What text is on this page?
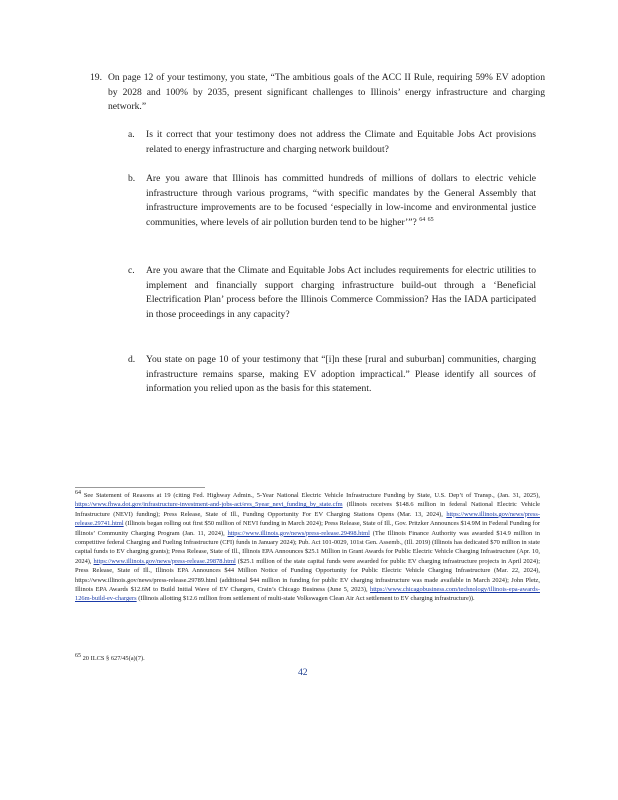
19. On page 12 of your testimony, you state, “The ambitious goals of the ACC II Rule, requiring 59% EV adoption by 2028 and 100% by 2035, present significant challenges to Illinois’ energy infrastructure and charging network.”
a.	Is it correct that your testimony does not address the Climate and Equitable Jobs Act provisions related to energy infrastructure and charging network buildout?
b.	Are you aware that Illinois has committed hundreds of millions of dollars to electric vehicle infrastructure through various programs, “with specific mandates by the General Assembly that infrastructure improvements are to be focused ‘especially in low-income and environmental justice communities, where levels of air pollution burden tend to be higher’”? $^{64}$ $^{65}$
c.	Are you aware that the Climate and Equitable Jobs Act includes requirements for electric utilities to implement and financially support charging infrastructure build-out through a ‘Beneficial Electrification Plan’ process before the Illinois Commerce Commission? Has the IADA participated in those proceedings in any capacity?
d.	You state on page 10 of your testimony that “[i]n these [rural and suburban] communities, charging infrastructure remains sparse, making EV adoption impractical.” Please identify all sources of information you relied upon as the basis for this statement.
$^{64}$ See Statement of Reasons at 19 (citing Fed. Highway Admin., 5-Year National Electric Vehicle Infrastructure Funding by State, U.S. Dep’t of Transp., (Jan. 31, 2025), https://www.fhwa.dot.gov/infrastructure-investment-and-jobs-act/evs_5year_nevi_funding_by_state.cfm (Illinois receives $148.6 million in federal National Electric Vehicle Infrastructure (NEVI) funding); Press Release, State of Ill., Funding Opportunity For EV Charging Stations Opens (Mar. 13, 2024), https://www.illinois.gov/news/press-release.29741.html (Illinois began rolling out first $50 million of NEVI funding in March 2024); Press Release, State of Ill., Gov. Pritzker Announces $14.9M in Federal Funding for Illinois’ Community Charging Program (Jan. 11, 2024), https://www.illinois.gov/news/press-release.29498.html (The Illinois Finance Authority was awarded $14.9 million in competitive federal Charging and Fueling Infrastructure (CFI) funds in January 2024); Pub. Act 101-0029, 101st Gen. Assemb., (Ill. 2019) (Illinois has dedicated $70 million in state capital funds to EV charging grants); Press Release, State of Ill., Illinois EPA Announces $25.1 Million in Grant Awards for Public Electric Vehicle Charging Infrastructure (Apr. 10, 2024), https://www.illinois.gov/news/press-release.29878.html ($25.1 million of the state capital funds were awarded for public EV charging infrastructure projects in April 2024); Press Release, State of Ill., Illinois EPA Announces $44 Million Notice of Funding Opportunity for Public Electric Vehicle Charging Infrastructure (Mar. 22, 2024), https://www.illinois.gov/news/press-release.29789.html (additional $44 million in funding for public EV charging infrastructure was made available in March 2024); John Pletz, Illinois EPA Awards $12.6M to Build Initial Wave of EV Chargers, Crain’s Chicago Business (June 5, 2023), https://www.chicagobusiness.com/technology/illinois-epa-awards-126m-build-ev-chargers (Illinois allotting $12.6 million from settlement of multi-state Volkswagen Clean Air Act settlement to EV charging infrastructure)).
$^{65}$ 20 ILCS § 627/45(a)(7).
42
